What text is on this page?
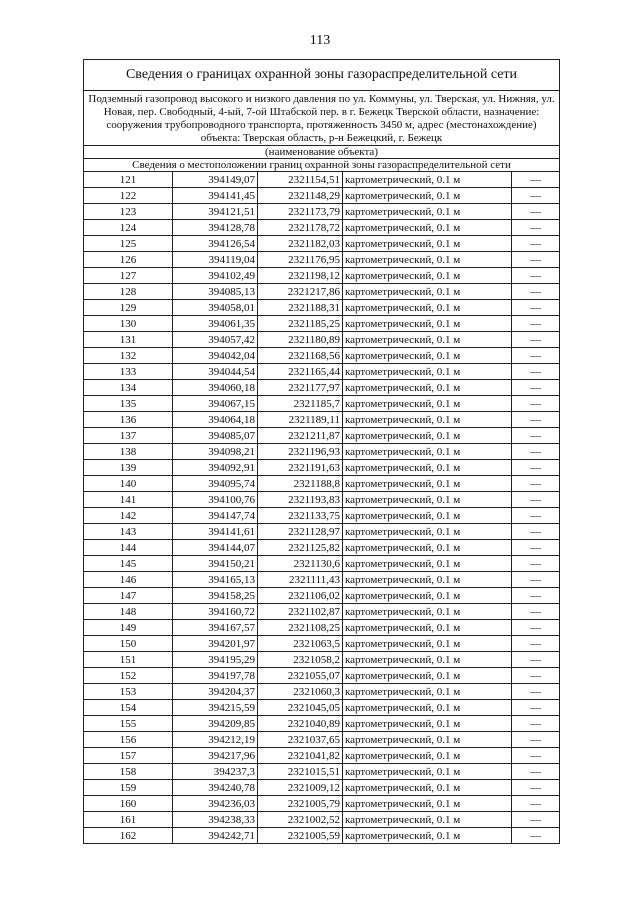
113
Сведения о границах охранной зоны газораспределительной сети
Подземный газопровод высокого и низкого давления по ул. Коммуны, ул. Тверская, ул. Нижняя, ул. Новая, пер. Свободный, 4-ый, 7-ой Штабской пер. в г. Бежецк Тверской области, назначение: сооружения трубопроводного транспорта, протяженность 3450 м, адрес (местонахождение) объекта: Тверская область, р-н Бежецкий, г. Бежецк
(наименование объекта)
Сведения о местоположении границ охранной зоны газораспределительной сети
121	394149,07	2321154,51	картометрический, 0.1 м	—
122	394141,45	2321148,29	картометрический, 0.1 м	—
123	394121,51	2321173,79	картометрический, 0.1 м	—
124	394128,78	2321178,72	картометрический, 0.1 м	—
125	394126,54	2321182,03	картометрический, 0.1 м	—
126	394119,04	2321176,95	картометрический, 0.1 м	—
127	394102,49	2321198,12	картометрический, 0.1 м	—
128	394085,13	2321217,86	картометрический, 0.1 м	—
129	394058,01	2321188,31	картометрический, 0.1 м	—
130	394061,35	2321185,25	картометрический, 0.1 м	—
131	394057,42	2321180,89	картометрический, 0.1 м	—
132	394042,04	2321168,56	картометрический, 0.1 м	—
133	394044,54	2321165,44	картометрический, 0.1 м	—
134	394060,18	2321177,97	картометрический, 0.1 м	—
135	394067,15	2321185,7	картометрический, 0.1 м	—
136	394064,18	2321189,11	картометрический, 0.1 м	—
137	394085,07	2321211,87	картометрический, 0.1 м	—
138	394098,21	2321196,93	картометрический, 0.1 м	—
139	394092,91	2321191,63	картометрический, 0.1 м	—
140	394095,74	2321188,8	картометрический, 0.1 м	—
141	394100,76	2321193,83	картометрический, 0.1 м	—
142	394147,74	2321133,75	картометрический, 0.1 м	—
143	394141,61	2321128,97	картометрический, 0.1 м	—
144	394144,07	2321125,82	картометрический, 0.1 м	—
145	394150,21	2321130,6	картометрический, 0.1 м	—
146	394165,13	2321111,43	картометрический, 0.1 м	—
147	394158,25	2321106,02	картометрический, 0.1 м	—
148	394160,72	2321102,87	картометрический, 0.1 м	—
149	394167,57	2321108,25	картометрический, 0.1 м	—
150	394201,97	2321063,5	картометрический, 0.1 м	—
151	394195,29	2321058,2	картометрический, 0.1 м	—
152	394197,78	2321055,07	картометрический, 0.1 м	—
153	394204,37	2321060,3	картометрический, 0.1 м	—
154	394215,59	2321045,05	картометрический, 0.1 м	—
155	394209,85	2321040,89	картометрический, 0.1 м	—
156	394212,19	2321037,65	картометрический, 0.1 м	—
157	394217,96	2321041,82	картометрический, 0.1 м	—
158	394237,3	2321015,51	картометрический, 0.1 м	—
159	394240,78	2321009,12	картометрический, 0.1 м	—
160	394236,03	2321005,79	картометрический, 0.1 м	—
161	394238,33	2321002,52	картометрический, 0.1 м	—
162	394242,71	2321005,59	картометрический, 0.1 м	—
